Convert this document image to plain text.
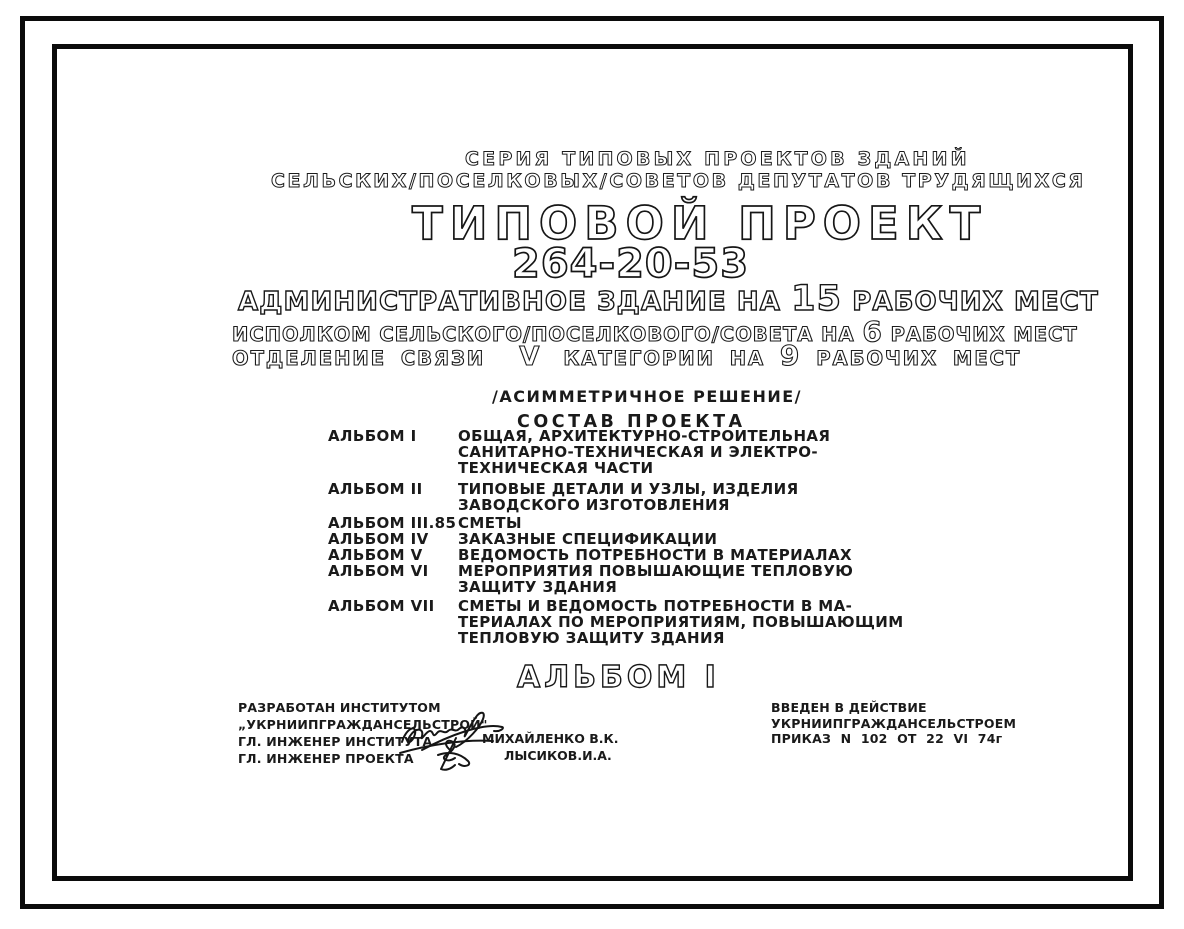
СЕРИЯ ТИПОВЫХ ПРОЕКТОВ ЗДАНИЙ
СЕЛЬСКИХ/ПОСЕЛКОВЫХ/СОВЕТОВ ДЕПУТАТОВ ТРУДЯЩИХСЯ
ТИПОВОЙ ПРОЕКТ
264-20-53
АДМИНИСТРАТИВНОЕ ЗДАНИЕ НА 15 РАБОЧИХ МЕСТ
ИСПОЛКОМ СЕЛЬСКОГО/ПОСЕЛКОВОГО/СОВЕТА НА 6 РАБОЧИХ МЕСТ
ОТДЕЛЕНИЕ СВЯЗИ V КАТЕГОРИИ НА 9 РАБОЧИХ МЕСТ
/АСИММЕТРИЧНОЕ РЕШЕНИЕ/
СОСТАВ ПРОЕКТА
АЛЬБОМ I	ОБЩАЯ, АРХИТЕКТУРНО-СТРОИТЕЛЬНАЯ
САНИТАРНО-ТЕХНИЧЕСКАЯ И ЭЛЕКТРО-
ТЕХНИЧЕСКАЯ ЧАСТИ
АЛЬБОМ II	ТИПОВЫЕ ДЕТАЛИ И УЗЛЫ, ИЗДЕЛИЯ
ЗАВОДСКОГО ИЗГОТОВЛЕНИЯ
АЛЬБОМ III.85 СМЕТЫ
АЛЬБОМ IV	ЗАКАЗНЫЕ СПЕЦИФИКАЦИИ
АЛЬБОМ V	ВЕДОМОСТЬ ПОТРЕБНОСТИ В МАТЕРИАЛАХ
АЛЬБОМ VI	МЕРОПРИЯТИЯ ПОВЫШАЮЩИЕ ТЕПЛОВУЮ
ЗАЩИТУ ЗДАНИЯ
АЛЬБОМ VII	СМЕТЫ И ВЕДОМОСТЬ ПОТРЕБНОСТИ В МА-
ТЕРИАЛАХ ПО МЕРОПРИЯТИЯМ, ПОВЫШАЮЩИМ
ТЕПЛОВУЮ ЗАЩИТУ ЗДАНИЯ
АЛЬБОМ I
РАЗРАБОТАН ИНСТИТУТОМ
„УКРНИИПГРАЖДАНСЕЛЬСТРОЙ"
ГЛ. ИНЖЕНЕР ИНСТИТУТА
ГЛ. ИНЖЕНЕР ПРОЕКТА
МИХАЙЛЕНКО В.К.
ЛЫСИКОВ.И.А.
ВВЕДЕН В ДЕЙСТВИЕ
УКРНИИПГРАЖДАНСЕЛЬСТРОЕМ
ПРИКАЗ N 102 ОТ 22 VI 74г
